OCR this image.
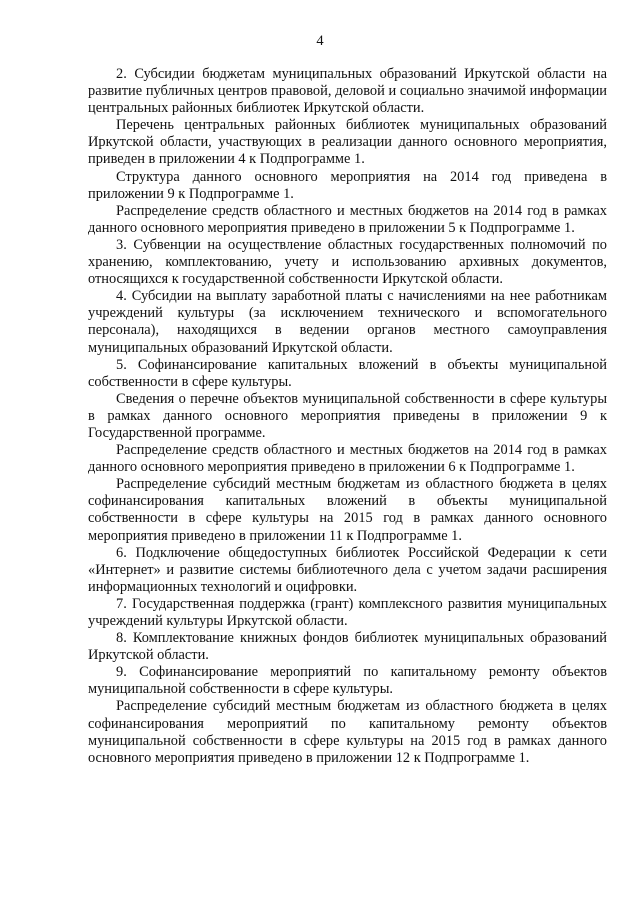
4

2. Субсидии бюджетам муниципальных образований Иркутской области на развитие публичных центров правовой, деловой и социально значимой информации центральных районных библиотек Иркутской области.

Перечень центральных районных библиотек муниципальных образований Иркутской области, участвующих в реализации данного основного мероприятия, приведен в приложении 4 к Подпрограмме 1.

Структура данного основного мероприятия на 2014 год приведена в приложении 9 к Подпрограмме 1.

Распределение средств областного и местных бюджетов на 2014 год в рамках данного основного мероприятия приведено в приложении 5 к Подпрограмме 1.

3. Субвенции на осуществление областных государственных полномочий по хранению, комплектованию, учету и использованию архивных документов, относящихся к государственной собственности Иркутской области.

4. Субсидии на выплату заработной платы с начислениями на нее работникам учреждений культуры (за исключением технического и вспомогательного персонала), находящихся в ведении органов местного самоуправления муниципальных образований Иркутской области.

5. Софинансирование капитальных вложений в объекты муниципальной собственности в сфере культуры.

Сведения о перечне объектов муниципальной собственности в сфере культуры в рамках данного основного мероприятия приведены в приложении 9 к Государственной программе.

Распределение средств областного и местных бюджетов на 2014 год в рамках данного основного мероприятия приведено в приложении 6 к Подпрограмме 1.

Распределение субсидий местным бюджетам из областного бюджета в целях софинансирования капитальных вложений в объекты муниципальной собственности в сфере культуры на 2015 год в рамках данного основного мероприятия приведено в приложении 11 к Подпрограмме 1.

6. Подключение общедоступных библиотек Российской Федерации к сети «Интернет» и развитие системы библиотечного дела с учетом задачи расширения информационных технологий и оцифровки.

7. Государственная поддержка (грант) комплексного развития муниципальных учреждений культуры Иркутской области.

8. Комплектование книжных фондов библиотек муниципальных образований Иркутской области.

9. Софинансирование мероприятий по капитальному ремонту объектов муниципальной собственности в сфере культуры.

Распределение субсидий местным бюджетам из областного бюджета в целях софинансирования мероприятий по капитальному ремонту объектов муниципальной собственности в сфере культуры на 2015 год в рамках данного основного мероприятия приведено в приложении 12 к Подпрограмме 1.
